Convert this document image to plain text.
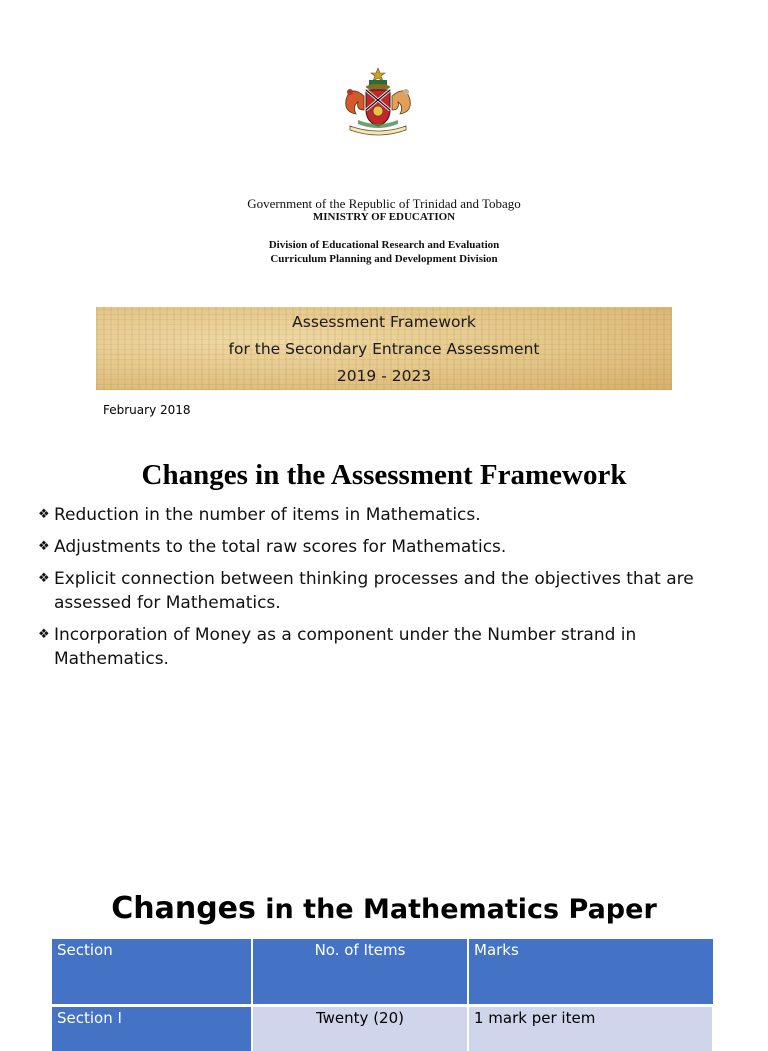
Government of the Republic of Trinidad and Tobago
MINISTRY OF EDUCATION
Division of Educational Research and Evaluation
Curriculum Planning and Development Division
Assessment Framework
for the Secondary Entrance Assessment
2019 - 2023
February 2018
Changes in the Assessment Framework
❖ Reduction in the number of items in Mathematics.
❖ Adjustments to the total raw scores for Mathematics.
❖ Explicit connection between thinking processes and the objectives that are assessed for Mathematics.
❖ Incorporation of Money as a component under the Number strand in Mathematics.
Changes in the Mathematics Paper
Section	No. of Items	Marks
Section I	Twenty (20)	1 mark per item
